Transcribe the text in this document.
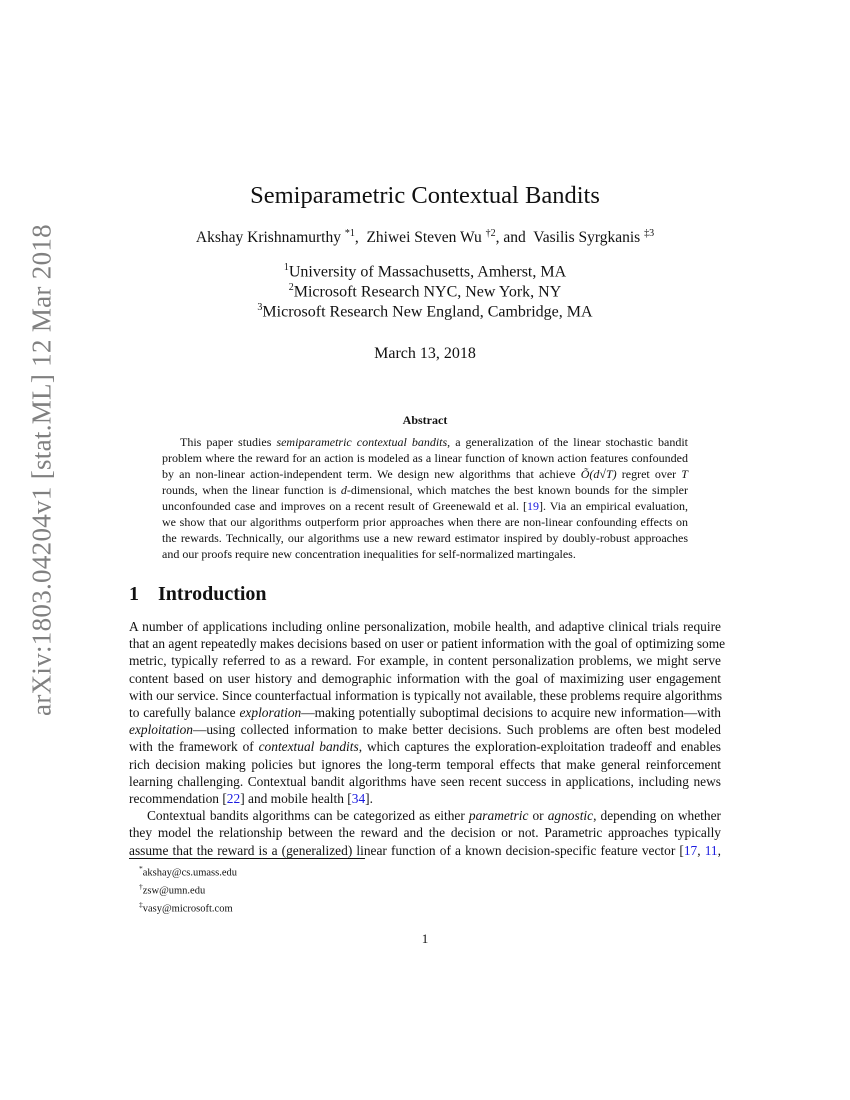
arXiv:1803.04204v1 [stat.ML] 12 Mar 2018
Semiparametric Contextual Bandits
Akshay Krishnamurthy $^{*1}$,  Zhiwei Steven Wu $^{\dagger 2}$, and  Vasilis Syrgkanis $^{\ddagger 3}$
$^1$University of Massachusetts, Amherst, MA
$^2$Microsoft Research NYC, New York, NY
$^3$Microsoft Research New England, Cambridge, MA
March 13, 2018
Abstract
This paper studies semiparametric contextual bandits, a generalization of the linear stochastic bandit
problem where the reward for an action is modeled as a linear function of known action features confounded
by an non-linear action-independent term. We design new algorithms that achieve Õ(d√T) regret over T
rounds, when the linear function is d-dimensional, which matches the best known bounds for the simpler
unconfounded case and improves on a recent result of Greenewald et al. [19]. Via an empirical evaluation,
we show that our algorithms outperform prior approaches when there are non-linear confounding effects on
the rewards. Technically, our algorithms use a new reward estimator inspired by doubly-robust approaches
and our proofs require new concentration inequalities for self-normalized martingales.
1 Introduction
A number of applications including online personalization, mobile health, and adaptive clinical trials require
that an agent repeatedly makes decisions based on user or patient information with the goal of optimizing some
metric, typically referred to as a reward. For example, in content personalization problems, we might serve
content based on user history and demographic information with the goal of maximizing user engagement
with our service. Since counterfactual information is typically not available, these problems require algorithms
to carefully balance exploration—making potentially suboptimal decisions to acquire new information—with
exploitation—using collected information to make better decisions. Such problems are often best modeled
with the framework of contextual bandits, which captures the exploration-exploitation tradeoff and enables
rich decision making policies but ignores the long-term temporal effects that make general reinforcement
learning challenging. Contextual bandit algorithms have seen recent success in applications, including news
recommendation [22] and mobile health [34].
Contextual bandits algorithms can be categorized as either parametric or agnostic, depending on whether
they model the relationship between the reward and the decision or not. Parametric approaches typically
assume that the reward is a (generalized) linear function of a known decision-specific feature vector [17, 11,
*akshay@cs.umass.edu
†zsw@umn.edu
‡vasy@microsoft.com
1
